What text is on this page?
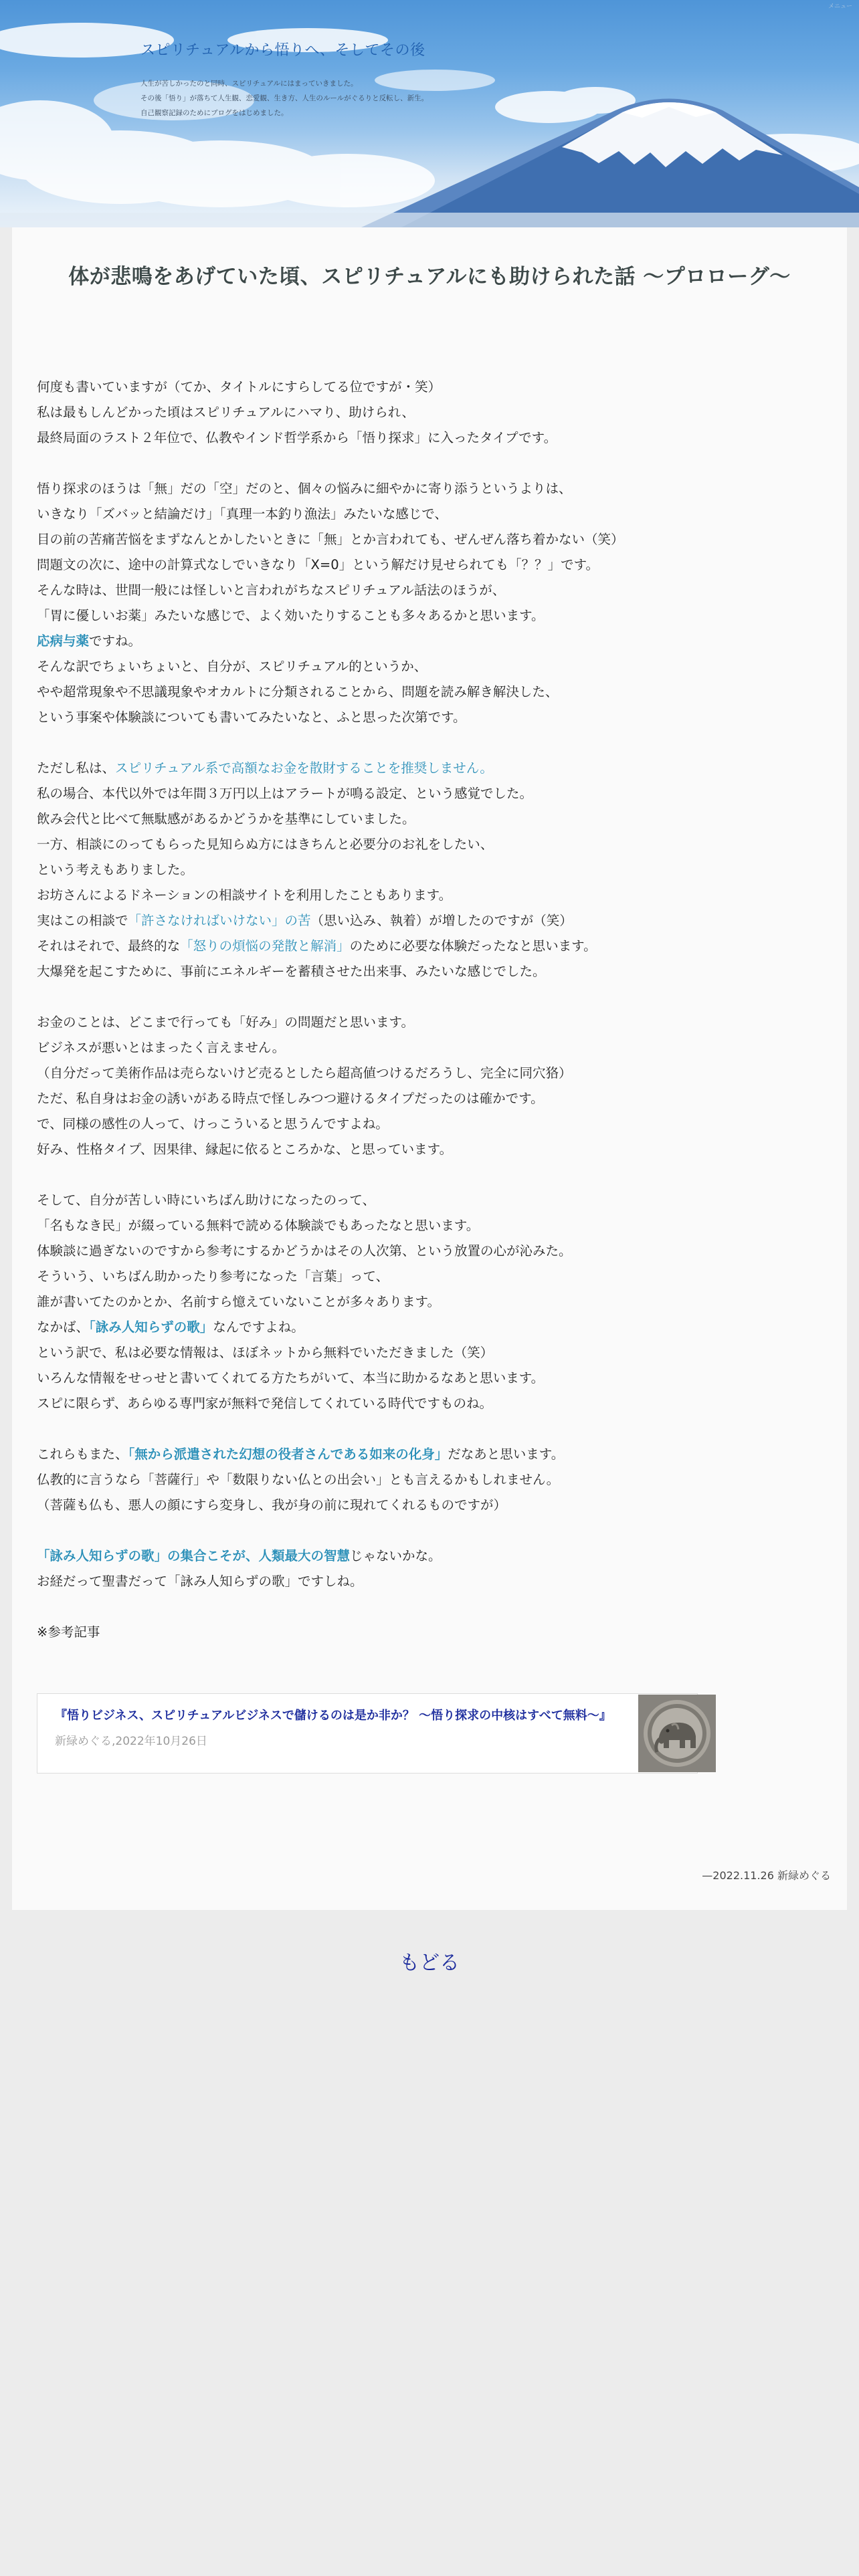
スピリチュアルから悟りへ、そしてその後
人生が苦しかったのと同時、スピリチュアルにはまっていきました。
その後「悟り」が落ちて人生観、恋愛観、生き方、人生のルールがぐるりと反転し、新生。
自己観察記録のためにブログをはじめました。
メニュー
体が悲鳴をあげていた頃、スピリチュアルにも助けられた話 〜プロローグ〜

何度も書いていますが（てか、タイトルにすらしてる位ですが・笑）
私は最もしんどかった頃はスピリチュアルにハマり、助けられ、
最終局面のラスト２年位で、仏教やインド哲学系から「悟り探求」に入ったタイプです。

悟り探求のほうは「無」だの「空」だのと、個々の悩みに細やかに寄り添うというよりは、
いきなり「ズバッと結論だけ」「真理一本釣り漁法」みたいな感じで、
目の前の苦痛苦悩をまずなんとかしたいときに「無」とか言われても、ぜんぜん落ち着かない（笑）
問題文の次に、途中の計算式なしでいきなり「X=0」という解だけ見せられても「？？」です。
そんな時は、世間一般には怪しいと言われがちなスピリチュアル話法のほうが、
「胃に優しいお薬」みたいな感じで、よく効いたりすることも多々あるかと思います。
応病与薬ですね。
そんな訳でちょいちょいと、自分が、スピリチュアル的というか、
やや超常現象や不思議現象やオカルトに分類されることから、問題を読み解き解決した、
という事案や体験談についても書いてみたいなと、ふと思った次第です。

ただし私は、スピリチュアル系で高額なお金を散財することを推奨しません。
私の場合、本代以外では年間３万円以上はアラートが鳴る設定、という感覚でした。
飲み会代と比べて無駄感があるかどうかを基準にしていました。
一方、相談にのってもらった見知らぬ方にはきちんと必要分のお礼をしたい、
という考えもありました。
お坊さんによるドネーションの相談サイトを利用したこともあります。
実はこの相談で「許さなければいけない」の苦（思い込み、執着）が増したのですが（笑）
それはそれで、最終的な「怒りの煩悩の発散と解消」のために必要な体験だったなと思います。
大爆発を起こすために、事前にエネルギーを蓄積させた出来事、みたいな感じでした。

お金のことは、どこまで行っても「好み」の問題だと思います。
ビジネスが悪いとはまったく言えません。
（自分だって美術作品は売らないけど売るとしたら超高値つけるだろうし、完全に同穴狢）
ただ、私自身はお金の誘いがある時点で怪しみつつ避けるタイプだったのは確かです。
で、同様の感性の人って、けっこういると思うんですよね。
好み、性格タイプ、因果律、縁起に依るところかな、と思っています。

そして、自分が苦しい時にいちばん助けになったのって、
「名もなき民」が綴っている無料で読める体験談でもあったなと思います。
体験談に過ぎないのですから参考にするかどうかはその人次第、という放置の心が沁みた。
そういう、いちばん助かったり参考になった「言葉」って、
誰が書いてたのかとか、名前すら憶えていないことが多々あります。
なかば、「詠み人知らずの歌」なんですよね。
という訳で、私は必要な情報は、ほぼネットから無料でいただきました（笑）
いろんな情報をせっせと書いてくれてる方たちがいて、本当に助かるなあと思います。
スピに限らず、あらゆる専門家が無料で発信してくれている時代ですものね。

これらもまた、「無から派遣された幻想の役者さんである如来の化身」だなあと思います。
仏教的に言うなら「菩薩行」や「数限りない仏との出会い」とも言えるかもしれません。
（菩薩も仏も、悪人の顔にすら変身し、我が身の前に現れてくれるものですが）

「詠み人知らずの歌」の集合こそが、人類最大の智慧じゃないかな。
お経だって聖書だって「詠み人知らずの歌」ですしね。

※参考記事

『悟りビジネス、スピリチュアルビジネスで儲けるのは是か非か？ 〜悟り探求の中核はすべて無料〜』
新緑めぐる,2022年10月26日
—2022.11.26 新緑めぐる
もどる
